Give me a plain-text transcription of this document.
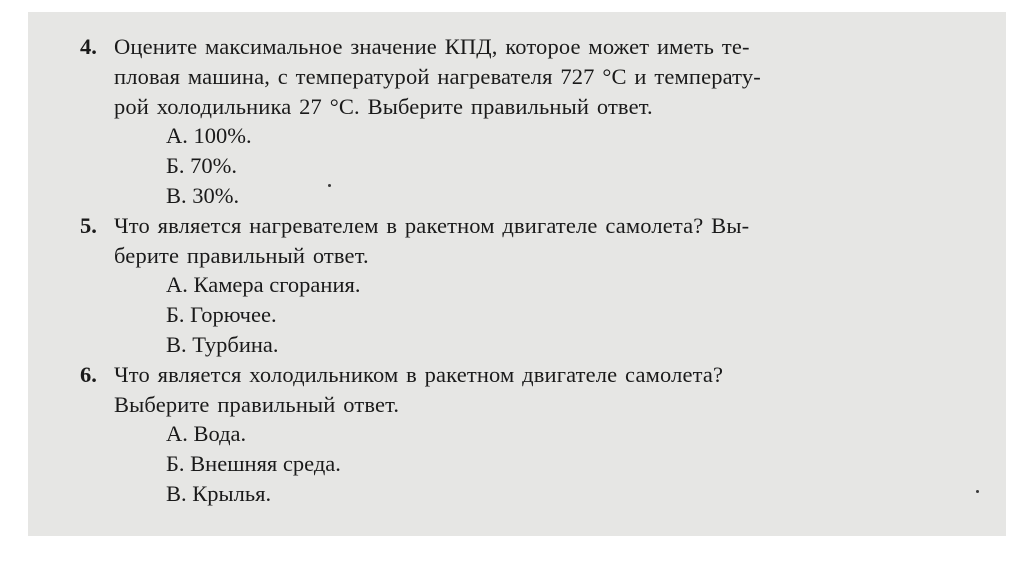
4. Оцените максимальное значение КПД, которое может иметь те-
пловая машина, с температурой нагревателя 727 °С и температу-
рой холодильника 27 °С. Выберите правильный ответ.
А. 100%.
Б. 70%.
В. 30%.
5. Что является нагревателем в ракетном двигателе самолета? Вы-
берите правильный ответ.
А. Камера сгорания.
Б. Горючее.
В. Турбина.
6. Что является холодильником в ракетном двигателе самолета?
Выберите правильный ответ.
А. Вода.
Б. Внешняя среда.
В. Крылья.
